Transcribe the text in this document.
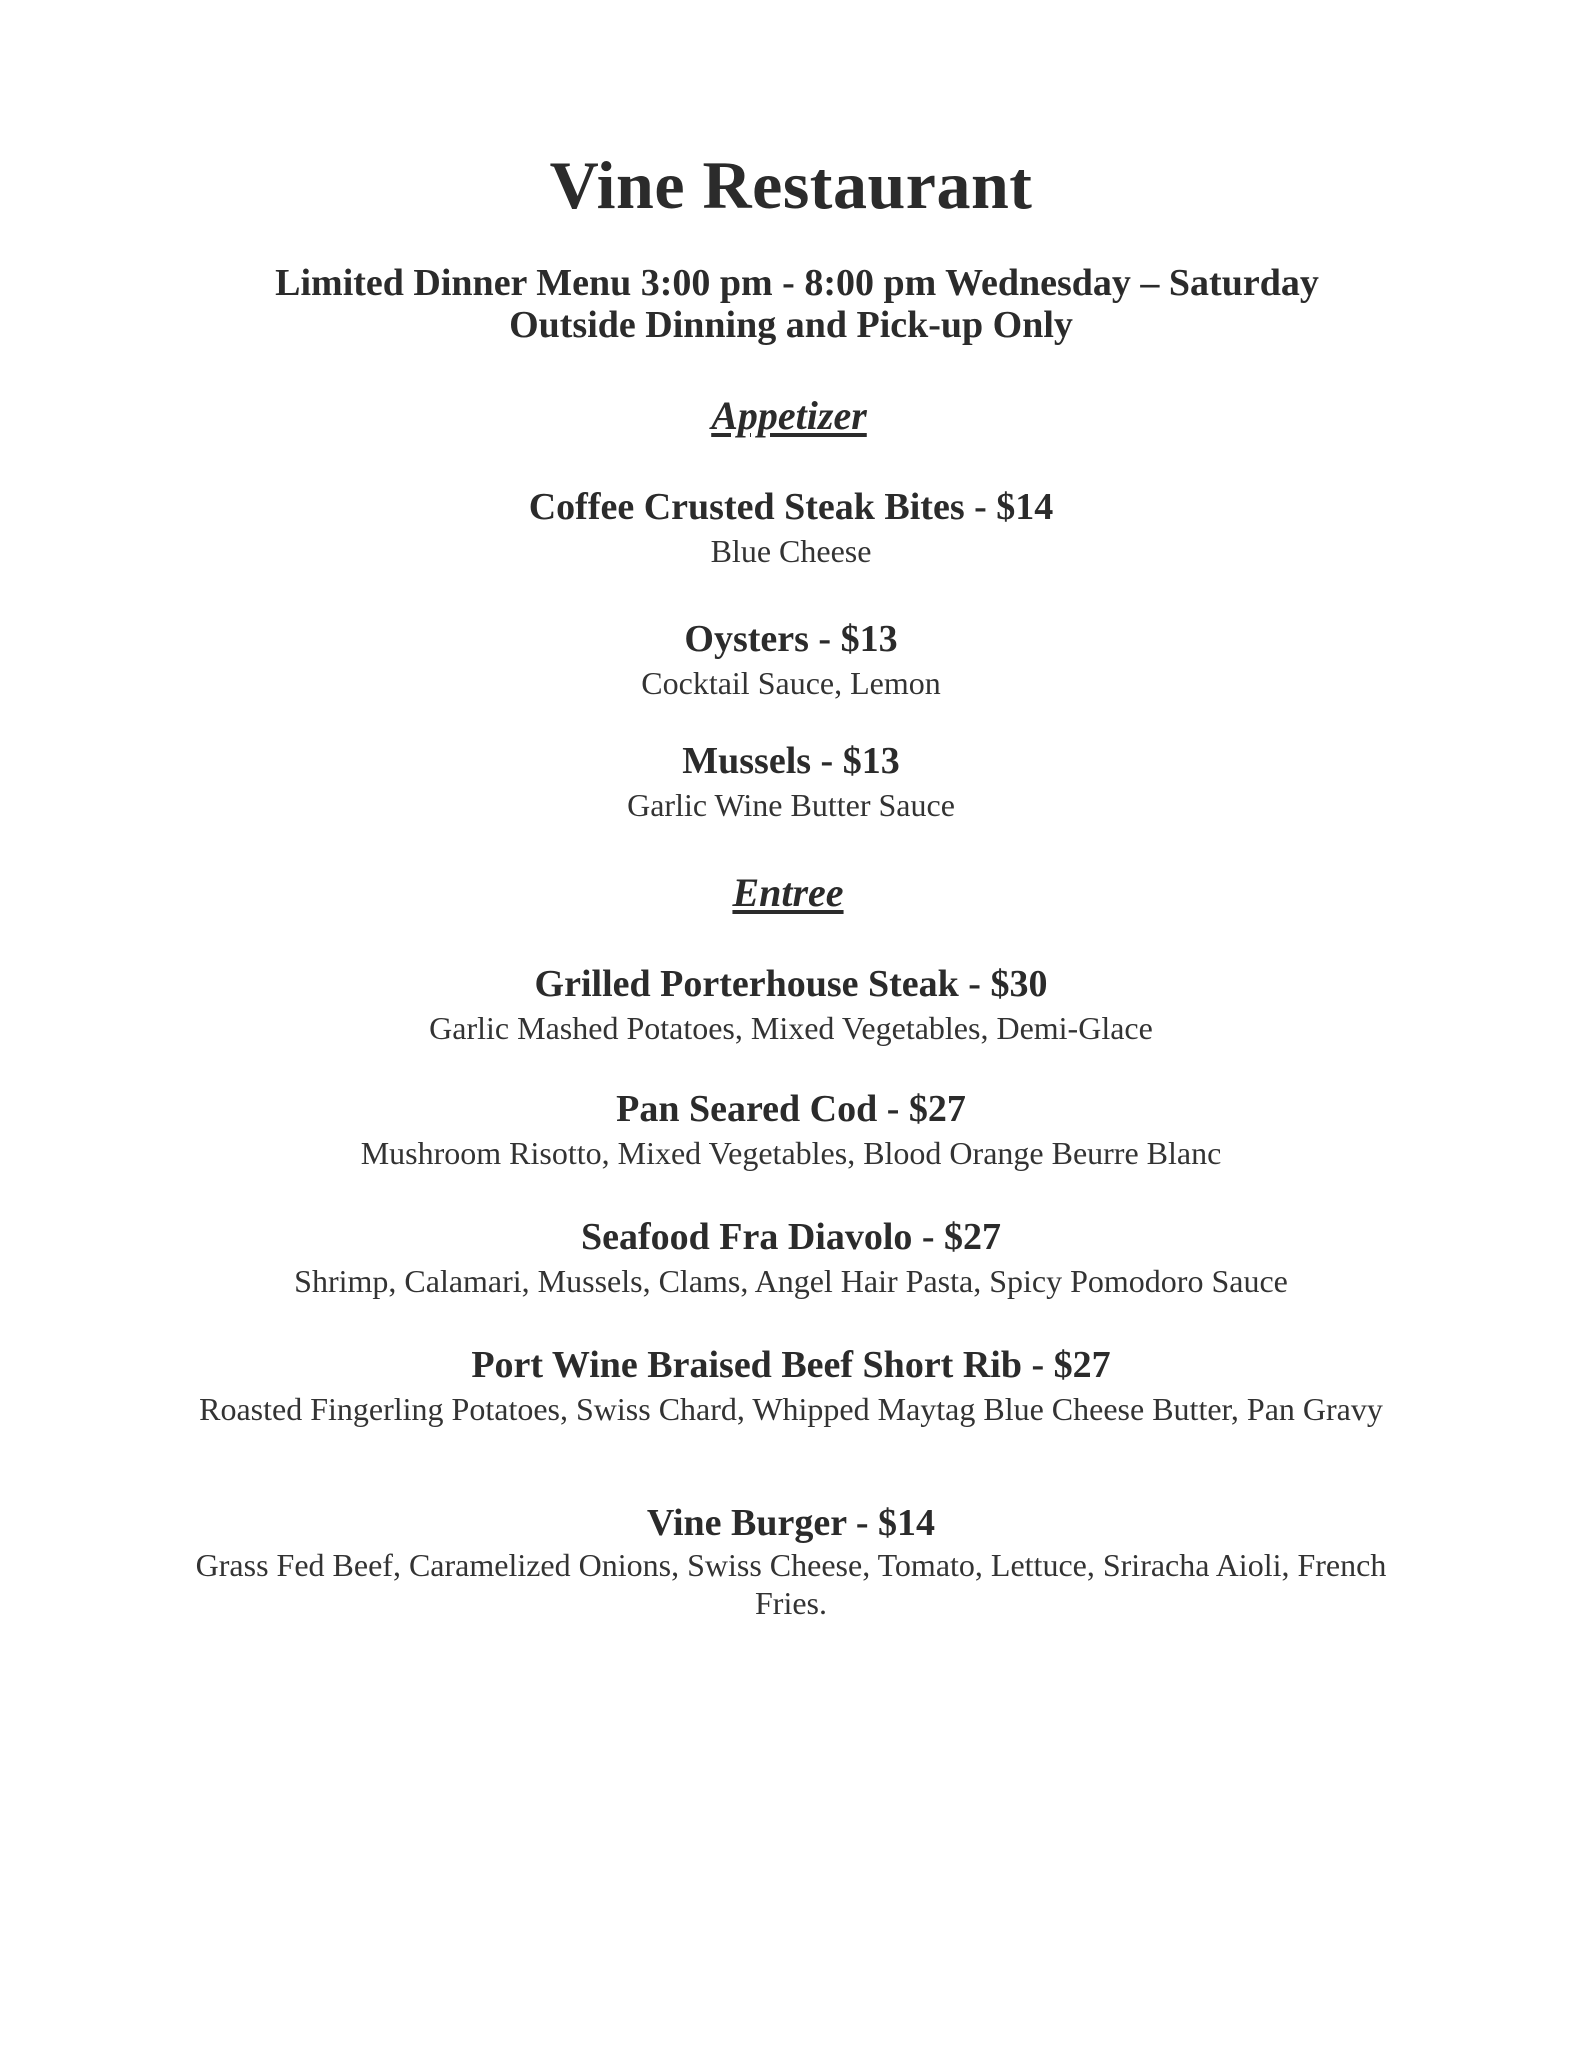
Vine Restaurant
Limited Dinner Menu 3:00 pm - 8:00 pm Wednesday – Saturday
Outside Dinning and Pick-up Only
Appetizer
Coffee Crusted Steak Bites - $14
Blue Cheese
Oysters - $13
Cocktail Sauce, Lemon
Mussels - $13
Garlic Wine Butter Sauce
Entree
Grilled Porterhouse Steak - $30
Garlic Mashed Potatoes, Mixed Vegetables, Demi-Glace
Pan Seared Cod - $27
Mushroom Risotto, Mixed Vegetables, Blood Orange Beurre Blanc
Seafood Fra Diavolo - $27
Shrimp, Calamari, Mussels, Clams, Angel Hair Pasta, Spicy Pomodoro Sauce
Port Wine Braised Beef Short Rib - $27
Roasted Fingerling Potatoes, Swiss Chard, Whipped Maytag Blue Cheese Butter, Pan Gravy
Vine Burger - $14
Grass Fed Beef, Caramelized Onions, Swiss Cheese, Tomato, Lettuce, Sriracha Aioli, French Fries.
